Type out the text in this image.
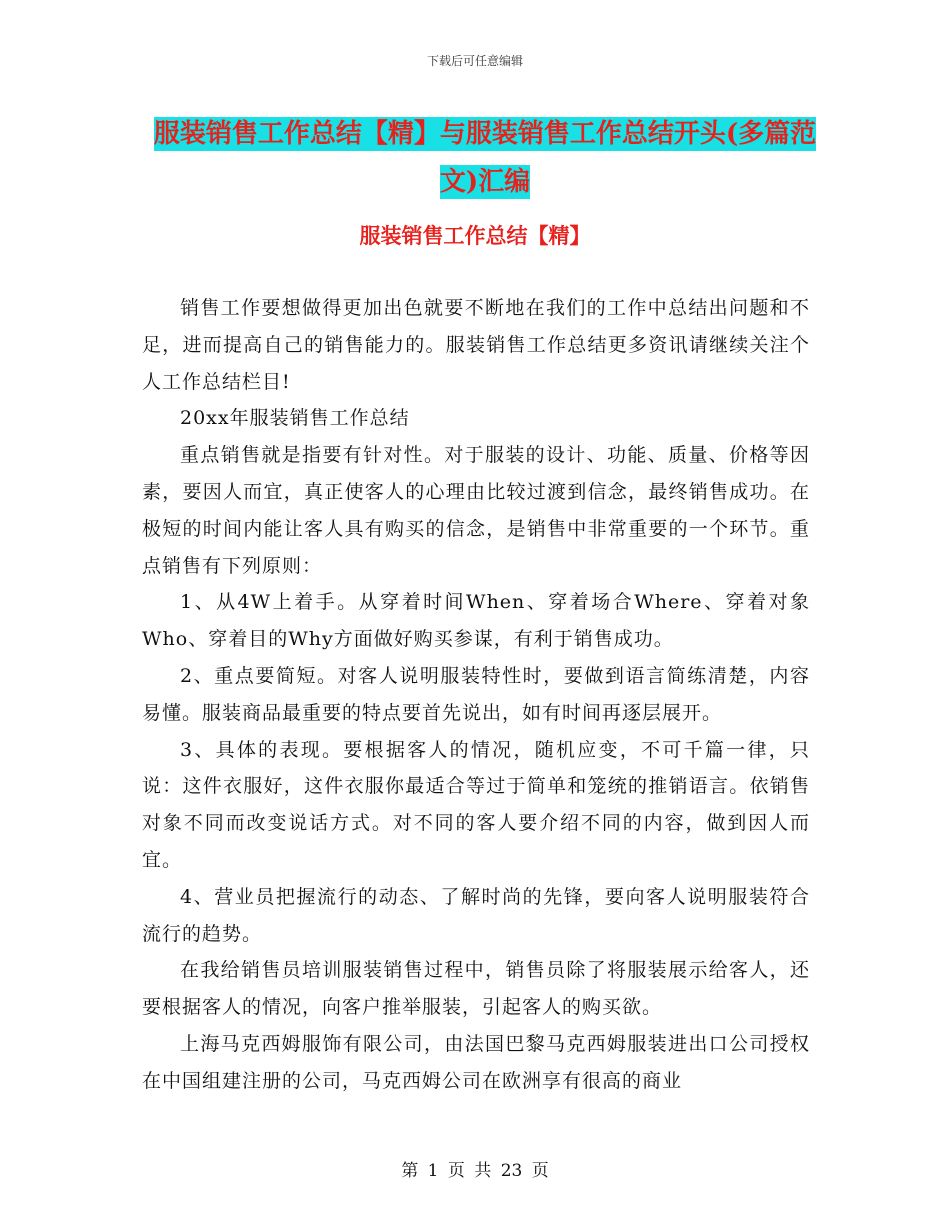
下载后可任意编辑
服装销售工作总结【精】与服装销售工作总结开头(多篇范文)汇编
服装销售工作总结【精】

销售工作要想做得更加出色就要不断地在我们的工作中总结出问题和不足，进而提高自己的销售能力的。服装销售工作总结更多资讯请继续关注个人工作总结栏目!

20xx年服装销售工作总结

重点销售就是指要有针对性。对于服装的设计、功能、质量、价格等因素，要因人而宜，真正使客人的心理由比较过渡到信念，最终销售成功。在极短的时间内能让客人具有购买的信念，是销售中非常重要的一个环节。重点销售有下列原则：

1、从4W上着手。从穿着时间When、穿着场合Where、穿着对象Who、穿着目的Why方面做好购买参谋，有利于销售成功。

2、重点要简短。对客人说明服装特性时，要做到语言简练清楚，内容易懂。服装商品最重要的特点要首先说出，如有时间再逐层展开。

3、具体的表现。要根据客人的情况，随机应变，不可千篇一律，只说：这件衣服好，这件衣服你最适合等过于简单和笼统的推销语言。依销售对象不同而改变说话方式。对不同的客人要介绍不同的内容，做到因人而宜。

4、营业员把握流行的动态、了解时尚的先锋，要向客人说明服装符合流行的趋势。

在我给销售员培训服装销售过程中，销售员除了将服装展示给客人，还要根据客人的情况，向客户推举服装，引起客人的购买欲。

上海马克西姆服饰有限公司，由法国巴黎马克西姆服装进出口公司授权在中国组建注册的公司，马克西姆公司在欧洲享有很高的商业

第 1 页 共 23 页
